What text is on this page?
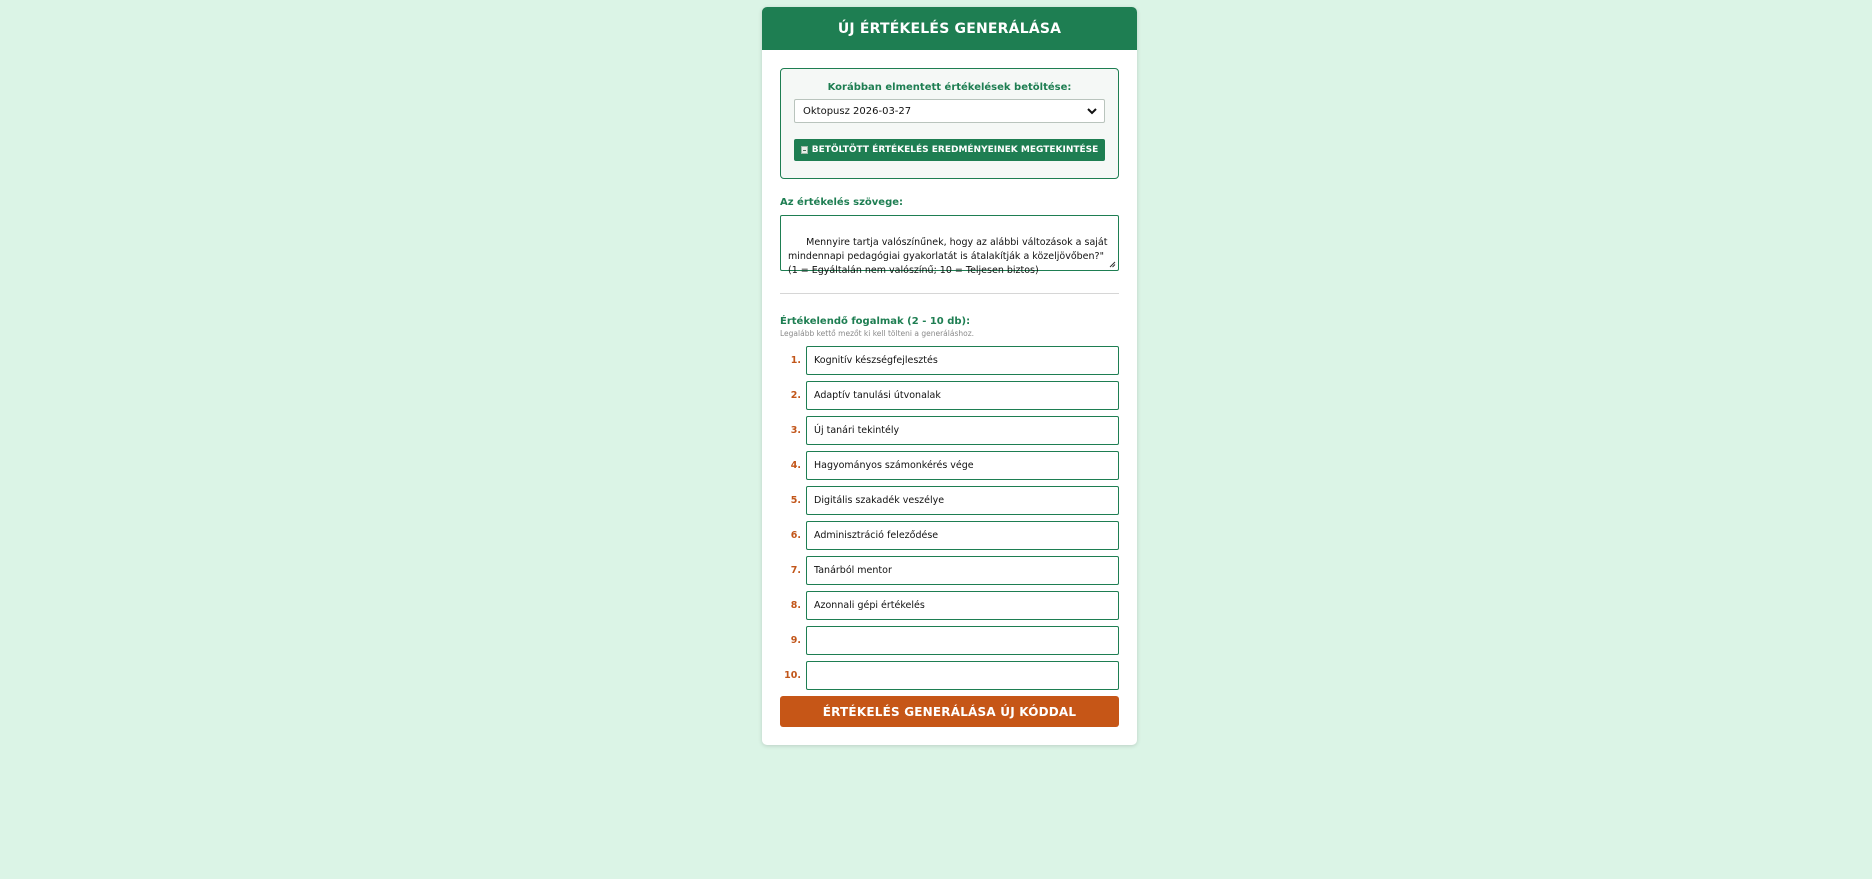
ÚJ ÉRTÉKELÉS GENERÁLÁSA
Korábban elmentett értékelések betöltése:
Oktopusz 2026-03-27
BETÖLTÖTT ÉRTÉKELÉS EREDMÉNYEINEK MEGTEKINTÉSE
Az értékelés szövege:

Mennyire tartja valószínűnek, hogy az alábbi változások a saját mindennapi pedagógiai gyakorlatát is átalakítják a közeljövőben?"
(1 = Egyáltalán nem valószínű; 10 = Teljesen biztos)

Értékelendő fogalmak (2 - 10 db):
Legalább kettő mezőt ki kell tölteni a generáláshoz.
1.	Kognitív készségfejlesztés
2.	Adaptív tanulási útvonalak
3.	Új tanári tekintély
4.	Hagyományos számonkérés vége
5.	Digitális szakadék veszélye
6.	Adminisztráció feleződése
7.	Tanárból mentor
8.	Azonnali gépi értékelés
9.
10.
ÉRTÉKELÉS GENERÁLÁSA ÚJ KÓDDAL
